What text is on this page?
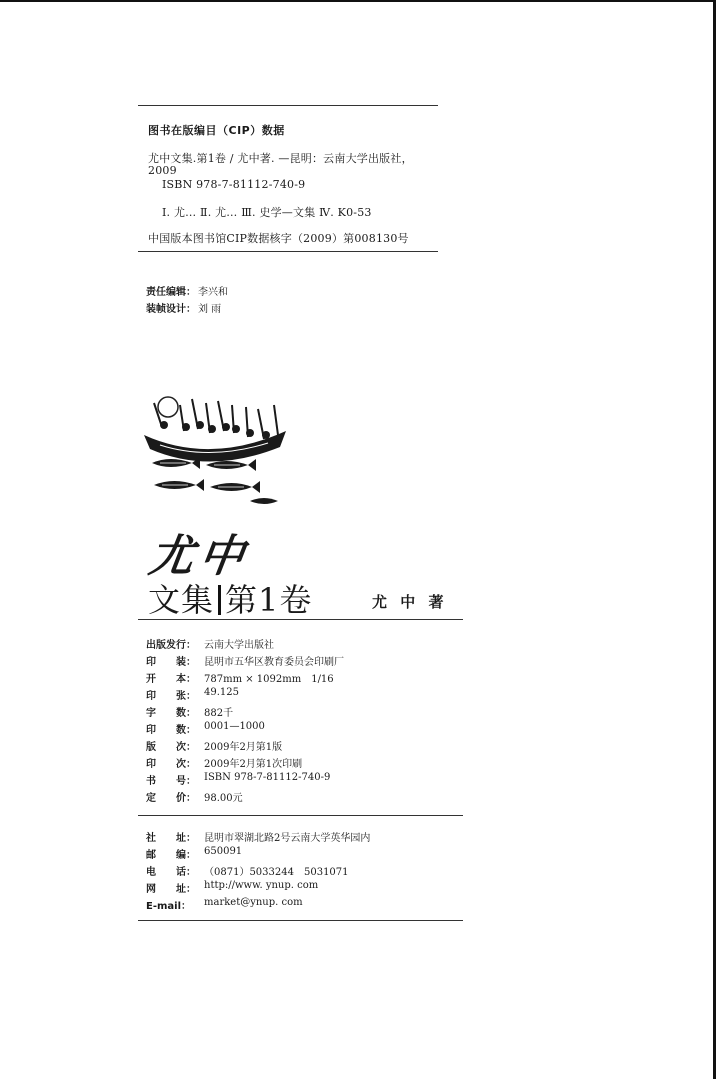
图书在版编目（CIP）数据
尤中文集.第1卷 / 尤中著. —昆明：云南大学出版社，
2009
ISBN 978-7-81112-740-9
Ⅰ. 尤… Ⅱ. 尤… Ⅲ. 史学—文集 Ⅳ. K0-53
中国版本图书馆CIP数据核字（2009）第008130号
责任编辑： 李兴和
装帧设计： 刘 雨
尤中
文集 第1卷	尤 中 著
出版发行： 云南大学出版社
印　　装： 昆明市五华区教育委员会印刷厂
开　　本： 787mm × 1092mm　1/16
印　　张： 49.125
字　　数： 882千
印　　数： 0001—1000
版　　次： 2009年2月第1版
印　　次： 2009年2月第1次印刷
书　　号： ISBN 978-7-81112-740-9
定　　价： 98.00元
社　　址： 昆明市翠湖北路2号云南大学英华园内
邮　　编： 650091
电　　话： （0871）5033244　5031071
网　　址： http://www. ynup. com
E-mail：	market@ynup. com
